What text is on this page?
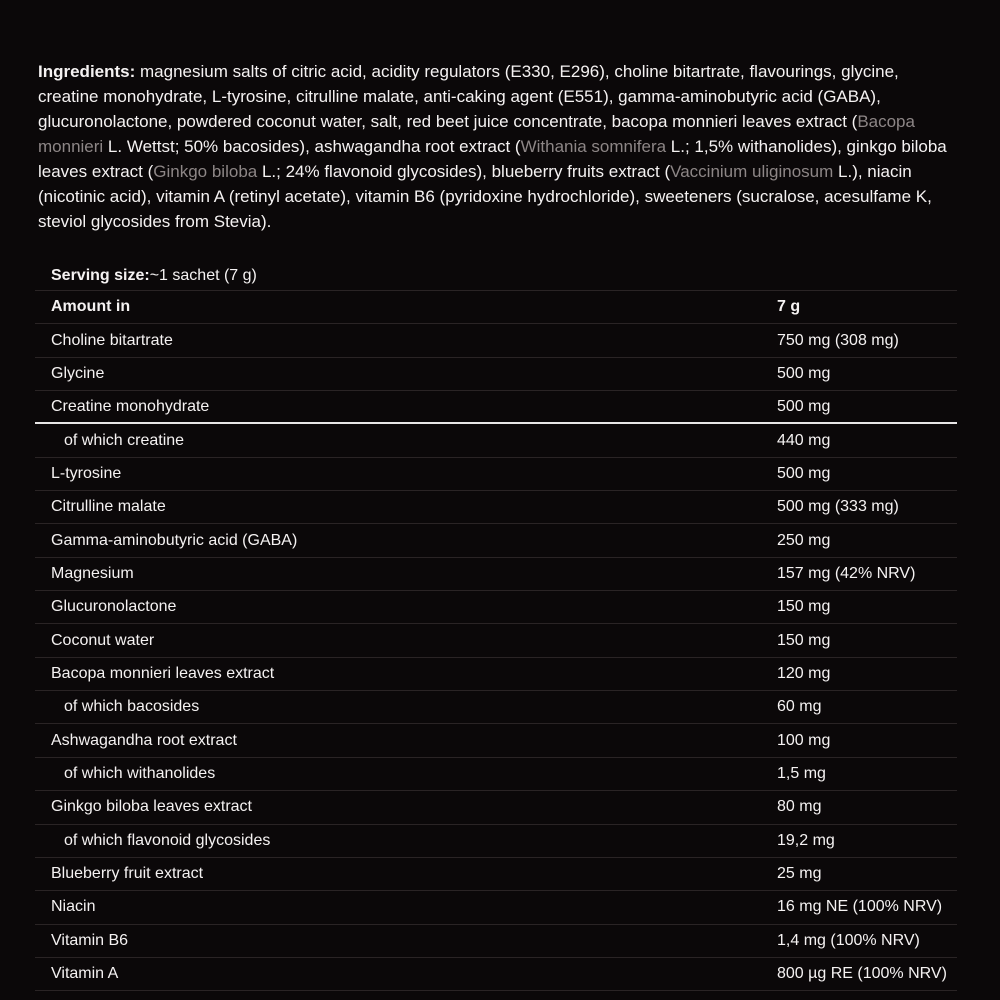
Ingredients: magnesium salts of citric acid, acidity regulators (E330, E296), choline bitartrate, flavourings, glycine, creatine monohydrate, L-tyrosine, citrulline malate, anti-caking agent (E551), gamma-aminobutyric acid (GABA), glucuronolactone, powdered coconut water, salt, red beet juice concentrate, bacopa monnieri leaves extract (Bacopa monnieri L. Wettst; 50% bacosides), ashwagandha root extract (Withania somnifera L.; 1,5% withanolides), ginkgo biloba leaves extract (Ginkgo biloba L.; 24% flavonoid glycosides), blueberry fruits extract (Vaccinium uliginosum L.), niacin (nicotinic acid), vitamin A (retinyl acetate), vitamin B6 (pyridoxine hydrochloride), sweeteners (sucralose, acesulfame K, steviol glycosides from Stevia).

Serving size: ~1 sachet (7 g)
Amount in	7 g
Choline bitartrate	750 mg (308 mg)
Glycine	500 mg
Creatine monohydrate	500 mg
of which creatine	440 mg
L-tyrosine	500 mg
Citrulline malate	500 mg (333 mg)
Gamma-aminobutyric acid (GABA)	250 mg
Magnesium	157 mg (42% NRV)
Glucuronolactone	150 mg
Coconut water	150 mg
Bacopa monnieri leaves extract	120 mg
of which bacosides	60 mg
Ashwagandha root extract	100 mg
of which withanolides	1,5 mg
Ginkgo biloba leaves extract	80 mg
of which flavonoid glycosides	19,2 mg
Blueberry fruit extract	25 mg
Niacin	16 mg NE (100% NRV)
Vitamin B6	1,4 mg (100% NRV)
Vitamin A	800 µg RE (100% NRV)
